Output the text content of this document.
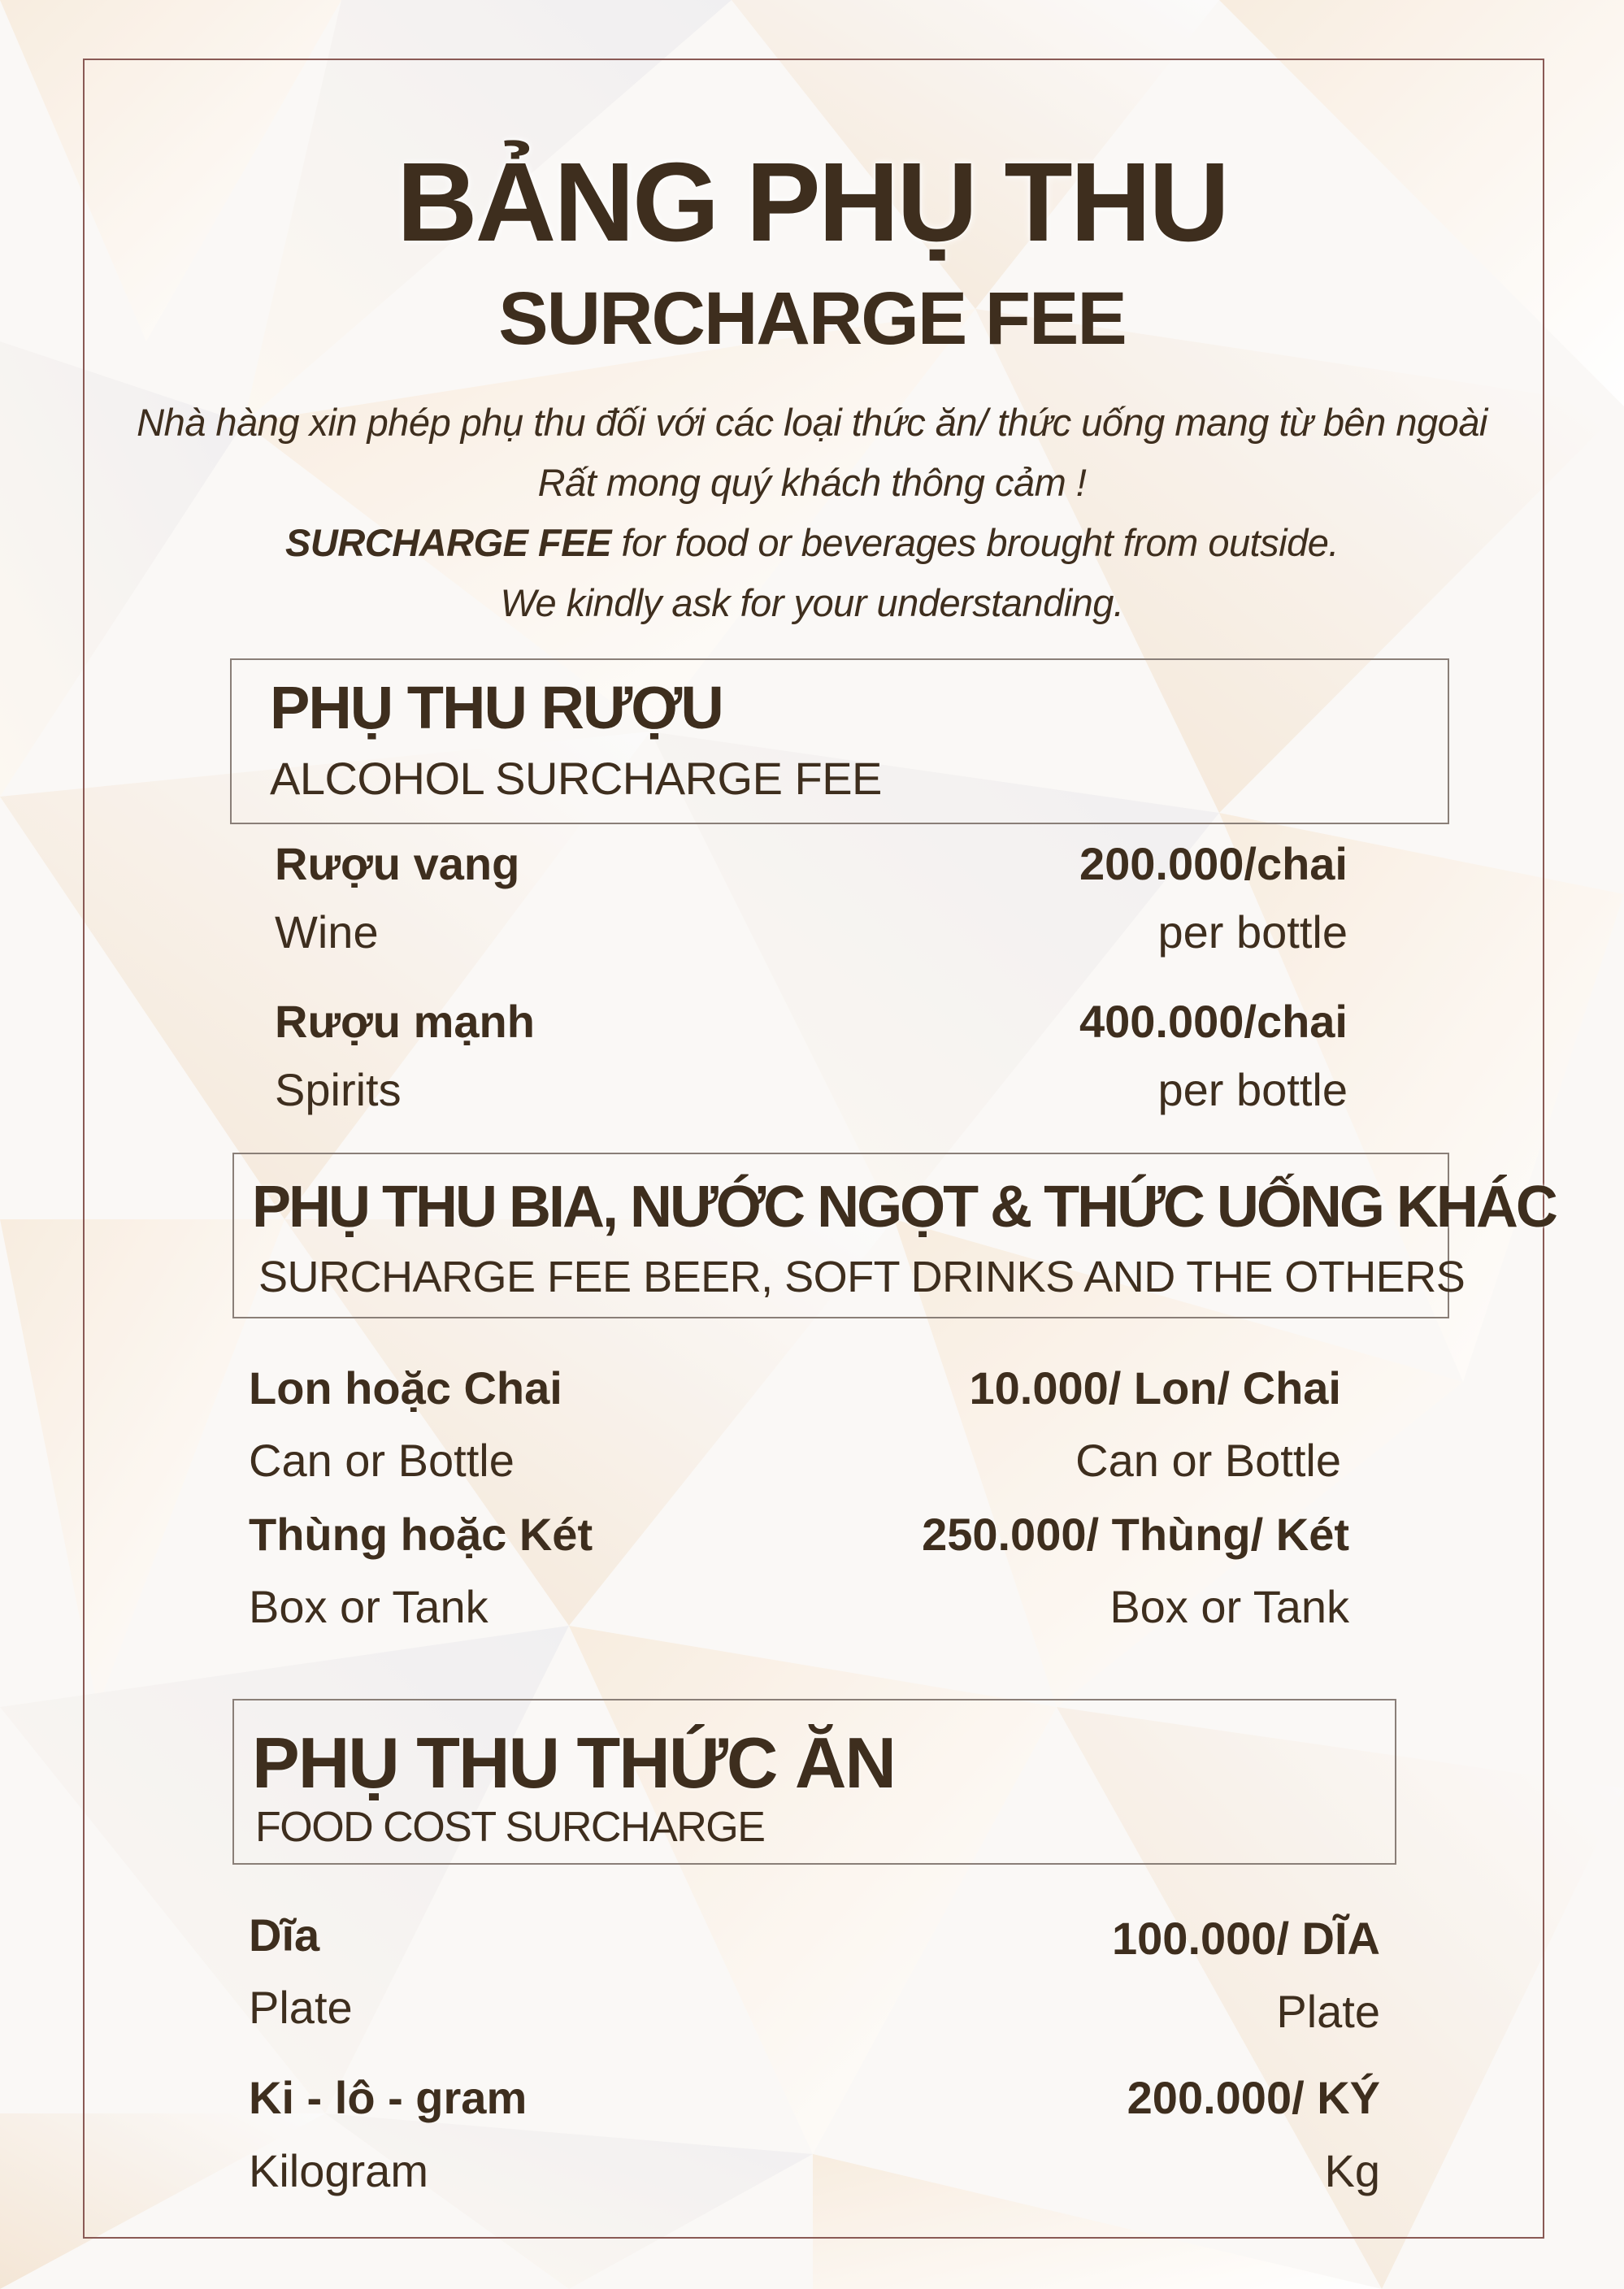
BẢNG PHỤ THU
SURCHARGE FEE
Nhà hàng xin phép phụ thu đối với các loại thức ăn/ thức uống mang từ bên ngoài
Rất mong quý khách thông cảm !
SURCHARGE FEE for food or beverages brought from outside.
We kindly ask for your understanding.
PHỤ THU RƯỢU
ALCOHOL SURCHARGE FEE
Rượu vang
Wine
200.000/chai
per bottle
Rượu mạnh
Spirits
400.000/chai
per bottle
PHỤ THU BIA, NƯỚC NGỌT & THỨC UỐNG KHÁC
SURCHARGE FEE BEER, SOFT DRINKS AND THE OTHERS
Lon hoặc Chai
Can or Bottle
10.000/ Lon/ Chai
Can or Bottle
Thùng hoặc Két
Box or Tank
250.000/ Thùng/ Két
Box or Tank
PHỤ THU THỨC ĂN
FOOD COST SURCHARGE
Dĩa
Plate
100.000/ DĨA
Plate
Ki - lô - gram
Kilogram
200.000/ KÝ
Kg
